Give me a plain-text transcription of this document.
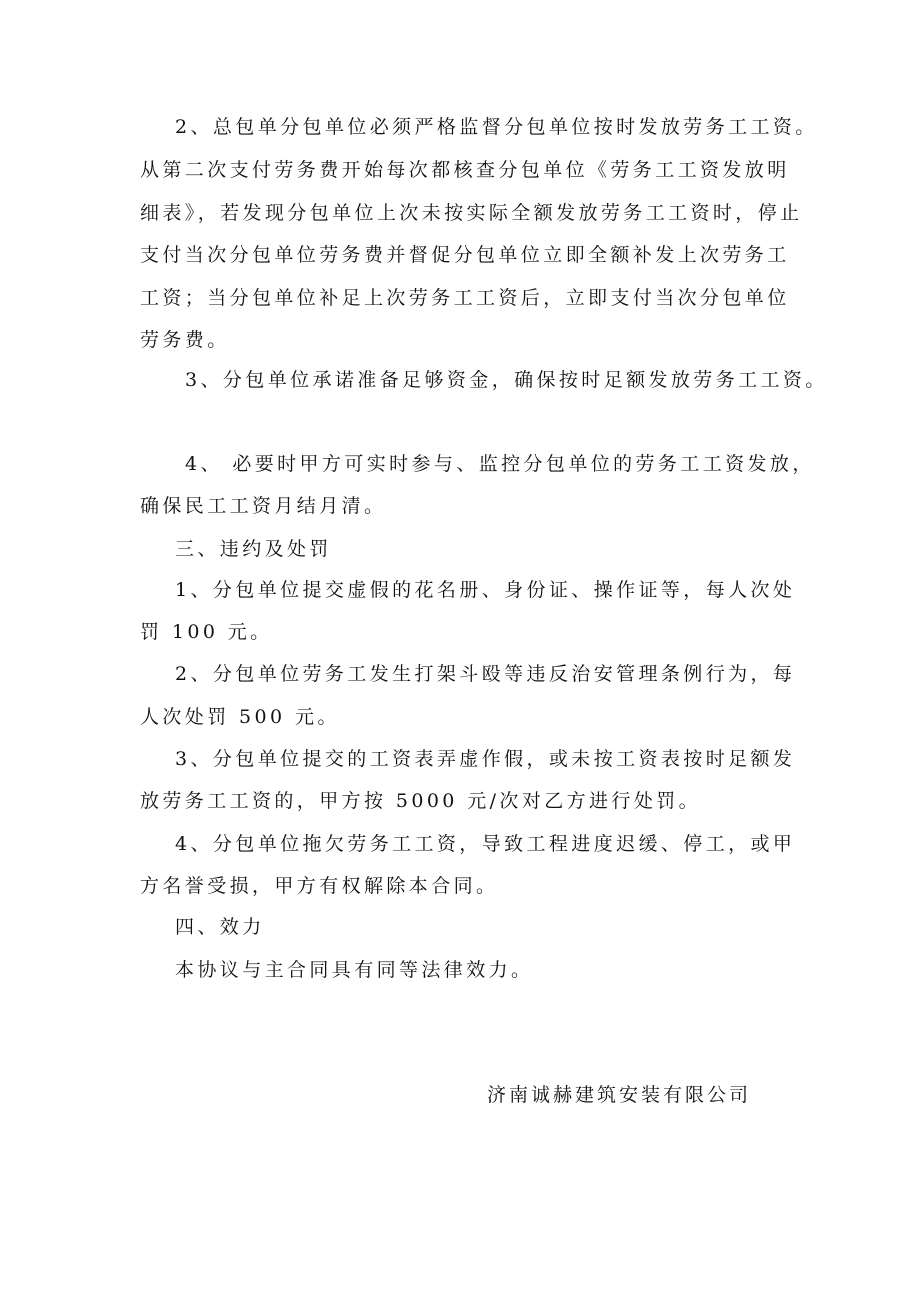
2、总包单分包单位必须严格监督分包单位按时发放劳务工工资。
从第二次支付劳务费开始每次都核查分包单位《劳务工工资发放明
细表》，若发现分包单位上次未按实际全额发放劳务工工资时，停止
支付当次分包单位劳务费并督促分包单位立即全额补发上次劳务工
工资；当分包单位补足上次劳务工工资后，立即支付当次分包单位
劳务费。
3、分包单位承诺准备足够资金，确保按时足额发放劳务工工资。
4、 必要时甲方可实时参与、监控分包单位的劳务工工资发放，
确保民工工资月结月清。
三、违约及处罚
1、分包单位提交虚假的花名册、身份证、操作证等，每人次处
罚 100 元。
2、分包单位劳务工发生打架斗殴等违反治安管理条例行为，每
人次处罚 500 元。
3、分包单位提交的工资表弄虚作假，或未按工资表按时足额发
放劳务工工资的，甲方按 5000 元/次对乙方进行处罚。
4、分包单位拖欠劳务工工资，导致工程进度迟缓、停工，或甲
方名誉受损，甲方有权解除本合同。
四、效力
本协议与主合同具有同等法律效力。
济南诚赫建筑安装有限公司
